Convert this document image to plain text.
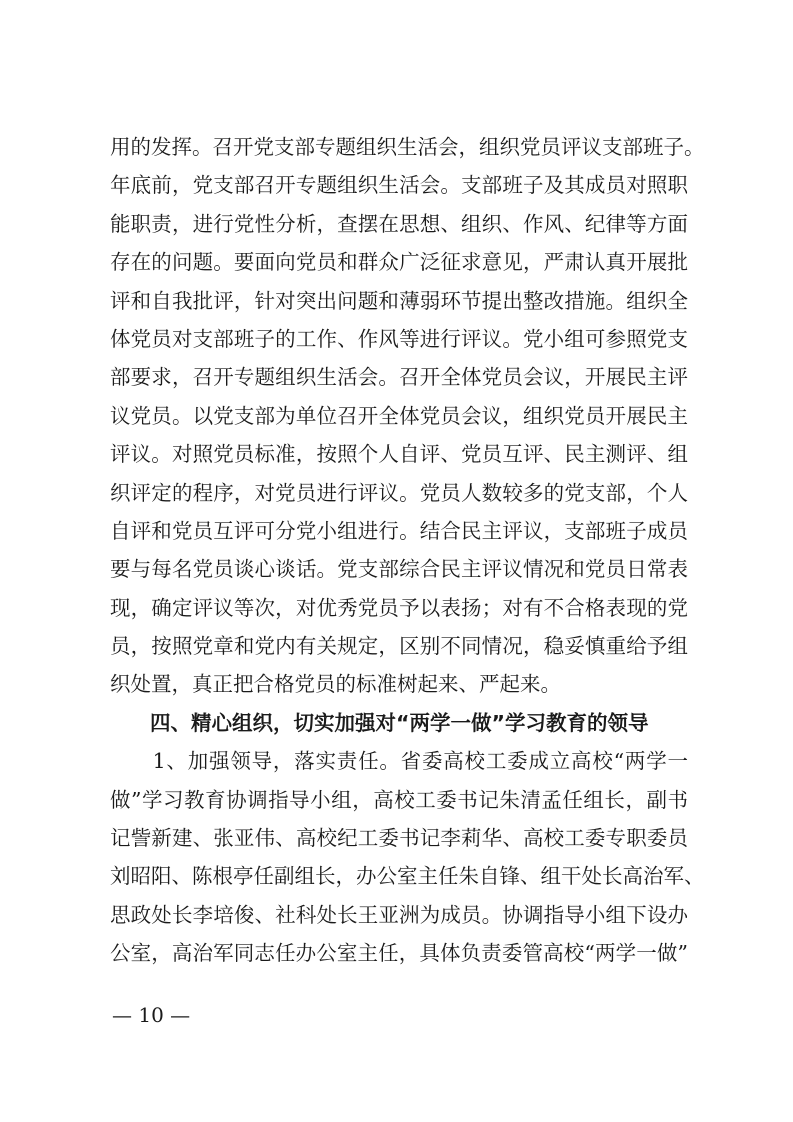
用的发挥。召开党支部专题组织生活会，组织党员评议支部班子。
年底前，党支部召开专题组织生活会。支部班子及其成员对照职
能职责，进行党性分析，查摆在思想、组织、作风、纪律等方面
存在的问题。要面向党员和群众广泛征求意见，严肃认真开展批
评和自我批评，针对突出问题和薄弱环节提出整改措施。组织全
体党员对支部班子的工作、作风等进行评议。党小组可参照党支
部要求，召开专题组织生活会。召开全体党员会议，开展民主评
议党员。以党支部为单位召开全体党员会议，组织党员开展民主
评议。对照党员标准，按照个人自评、党员互评、民主测评、组
织评定的程序，对党员进行评议。党员人数较多的党支部，个人
自评和党员互评可分党小组进行。结合民主评议，支部班子成员
要与每名党员谈心谈话。党支部综合民主评议情况和党员日常表
现，确定评议等次，对优秀党员予以表扬；对有不合格表现的党
员，按照党章和党内有关规定，区别不同情况，稳妥慎重给予组
织处置，真正把合格党员的标准树起来、严起来。
四、精心组织，切实加强对“两学一做”学习教育的领导
　　1、加强领导，落实责任。省委高校工委成立高校“两学一
做”学习教育协调指导小组，高校工委书记朱清孟任组长，副书
记訾新建、张亚伟、高校纪工委书记李莉华、高校工委专职委员
刘昭阳、陈根亭任副组长，办公室主任朱自锋、组干处长高治军、
思政处长李培俊、社科处长王亚洲为成员。协调指导小组下设办
公室，高治军同志任办公室主任，具体负责委管高校“两学一做”
— 10 —
